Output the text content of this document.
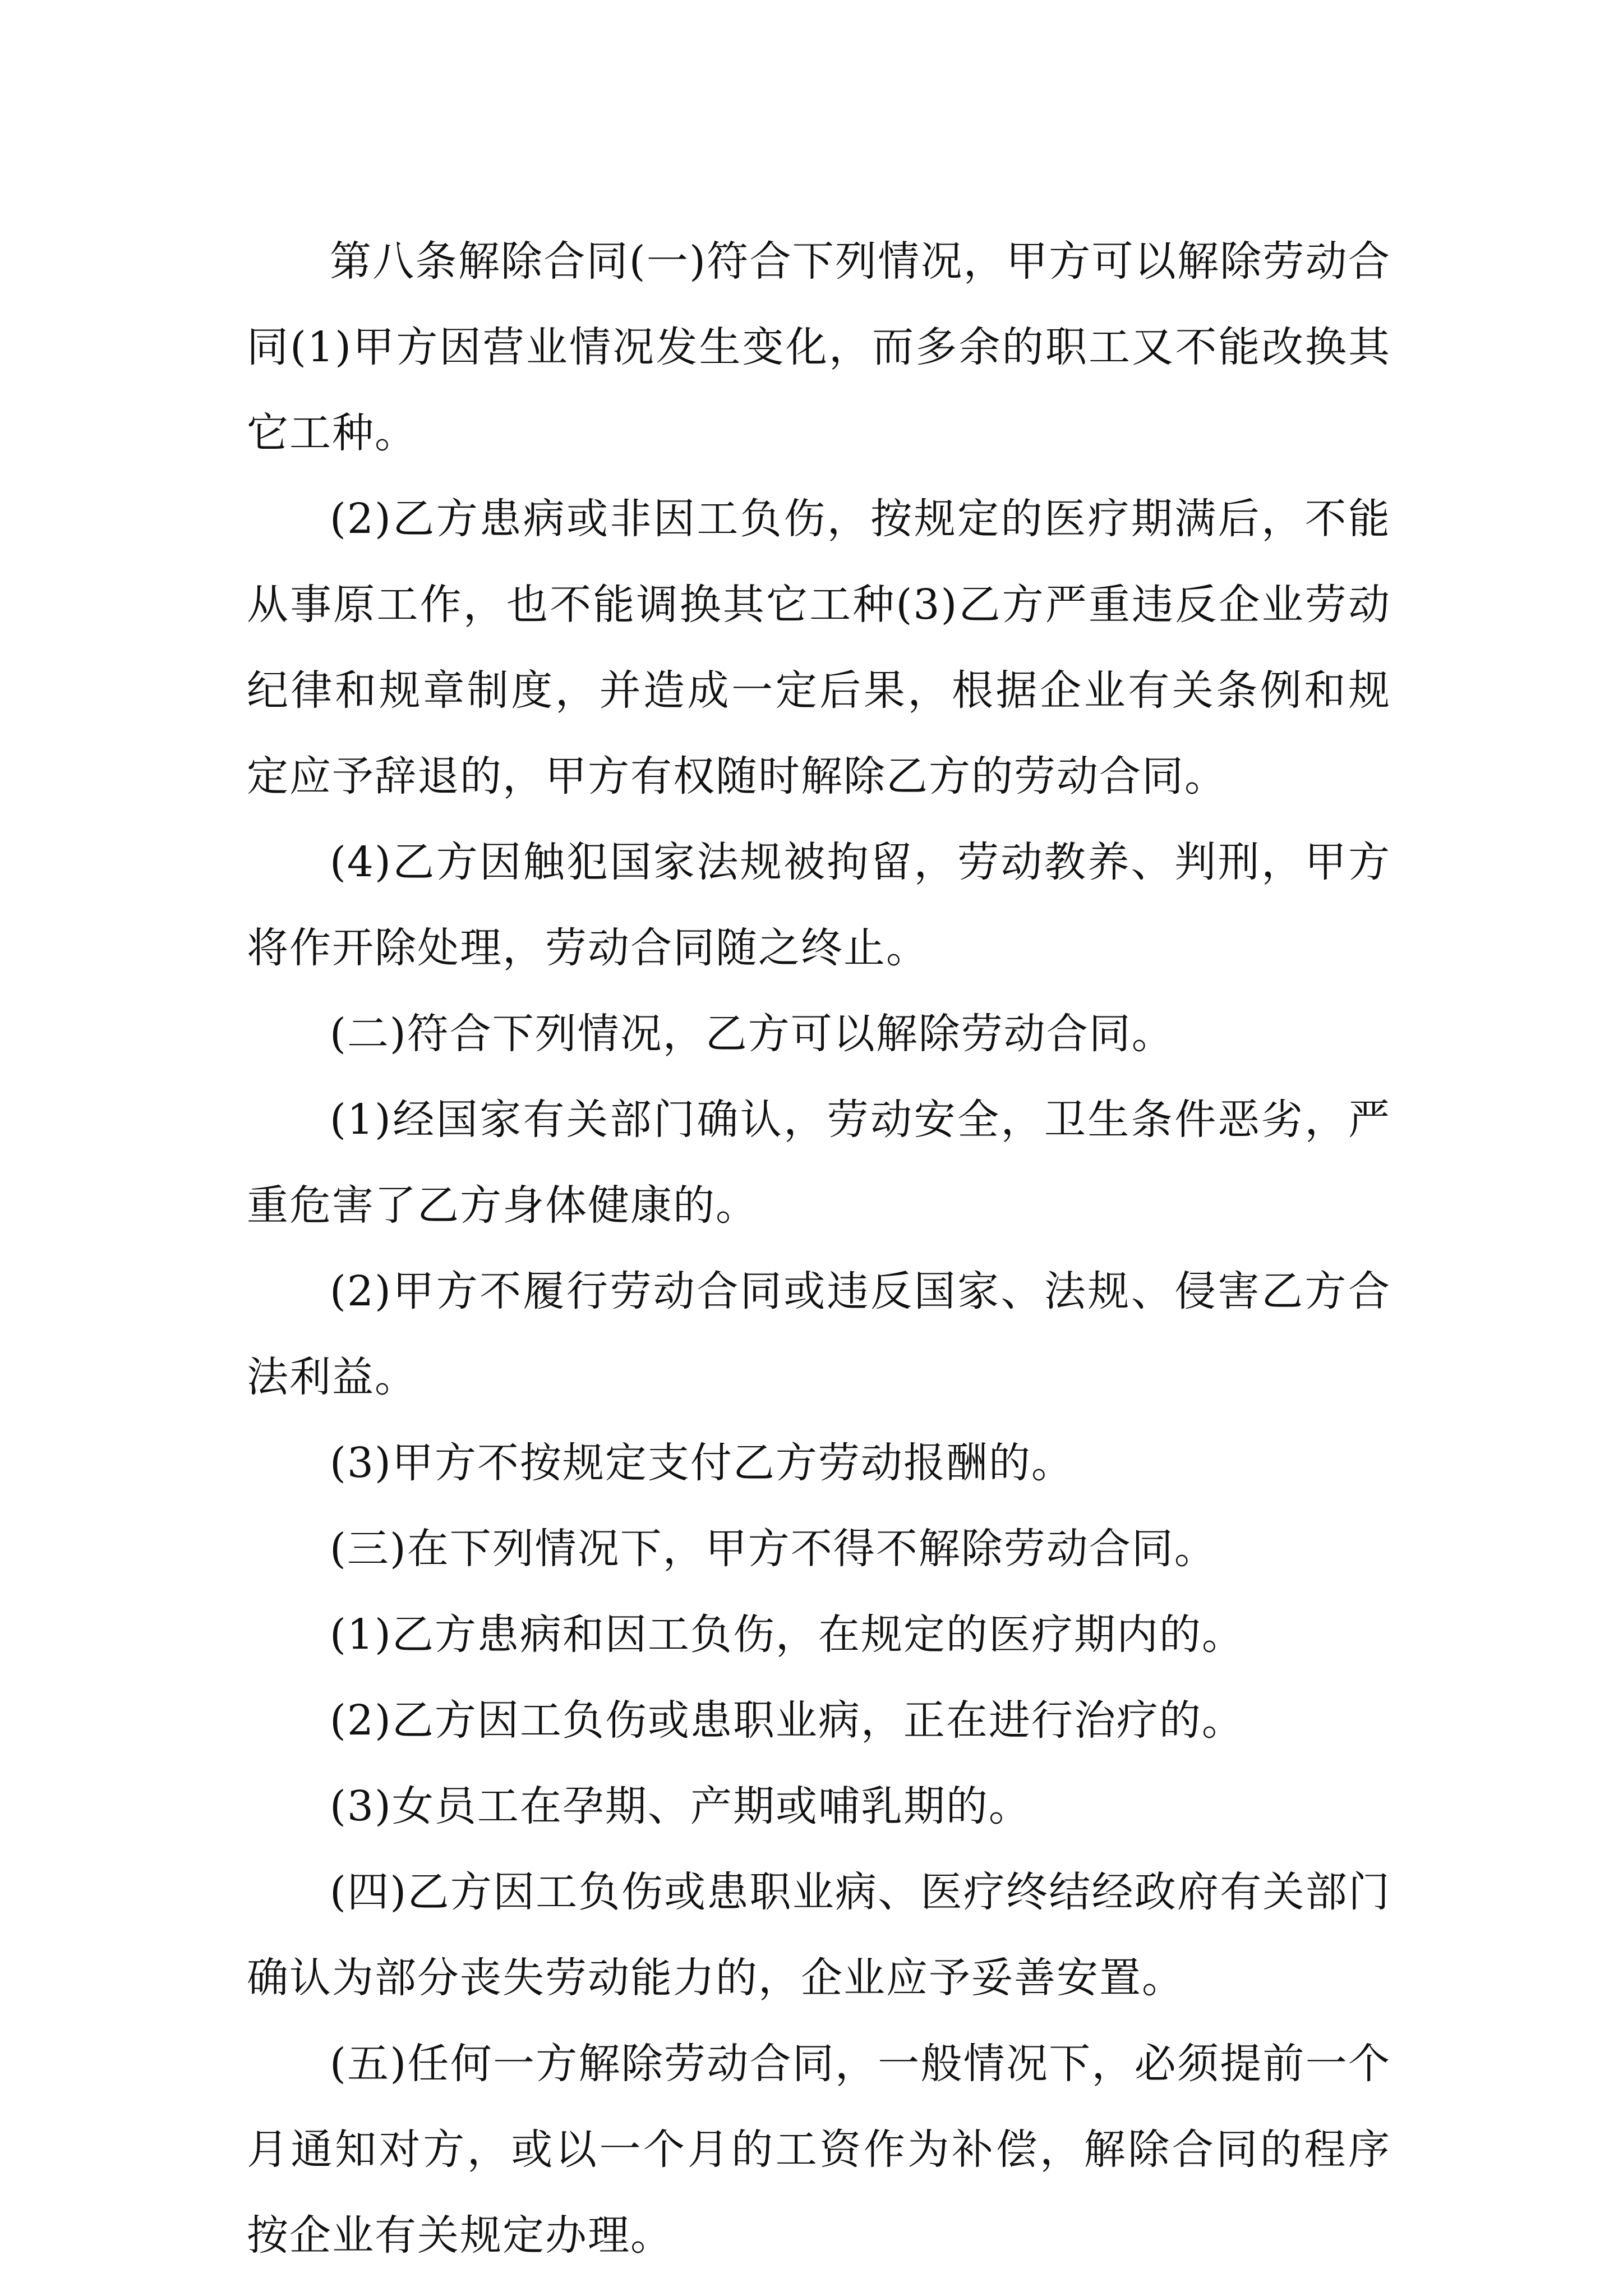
第八条解除合同(一)符合下列情况，甲方可以解除劳动合同(1)甲方因营业情况发生变化，而多余的职工又不能改换其它工种。

(2)乙方患病或非因工负伤，按规定的医疗期满后，不能从事原工作，也不能调换其它工种(3)乙方严重违反企业劳动纪律和规章制度，并造成一定后果，根据企业有关条例和规定应予辞退的，甲方有权随时解除乙方的劳动合同。

(4)乙方因触犯国家法规被拘留，劳动教养、判刑，甲方将作开除处理，劳动合同随之终止。

(二)符合下列情况，乙方可以解除劳动合同。

(1)经国家有关部门确认，劳动安全，卫生条件恶劣，严重危害了乙方身体健康的。

(2)甲方不履行劳动合同或违反国家、法规、侵害乙方合法利益。

(3)甲方不按规定支付乙方劳动报酬的。

(三)在下列情况下，甲方不得不解除劳动合同。

(1)乙方患病和因工负伤，在规定的医疗期内的。

(2)乙方因工负伤或患职业病，正在进行治疗的。

(3)女员工在孕期、产期或哺乳期的。

(四)乙方因工负伤或患职业病、医疗终结经政府有关部门确认为部分丧失劳动能力的，企业应予妥善安置。

(五)任何一方解除劳动合同，一般情况下，必须提前一个月通知对方，或以一个月的工资作为补偿，解除合同的程序按企业有关规定办理。
